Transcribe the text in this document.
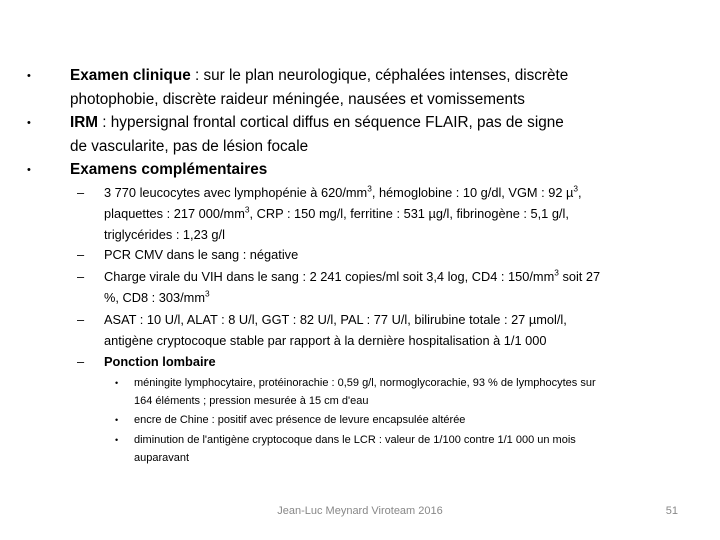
•	Examen clinique : sur le plan neurologique, céphalées intenses, discrète
photophobie, discrète raideur méningée, nausées et vomissements
•	IRM : hypersignal frontal cortical diffus en séquence FLAIR, pas de signe
de vascularite, pas de lésion focale
•	Examens complémentaires
– 3 770 leucocytes avec lymphopénie à $620/mm^3$, hémoglobine : 10 g/dl, VGM : 92 µ$^3$,
plaquettes : 217 $000/mm^3$, CRP : 150 mg/l, ferritine : 531 µg/l, fibrinogène : 5,1 g/l,
triglycérides : 1,23 g/l
– PCR CMV dans le sang : négative
– Charge virale du VIH dans le sang : 2 241 copies/ml soit 3,4 log, CD4 : $150/mm^3$ soit 27
%, CD8 : $303/mm^3$
– ASAT : 10 U/l, ALAT : 8 U/l, GGT : 82 U/l, PAL : 77 U/l, bilirubine totale : 27 µmol/l,
antigène cryptocoque stable par rapport à la dernière hospitalisation à 1/1 000
– Ponction lombaire
• méningite lymphocytaire, protéinorachie : 0,59 g/l, normoglycorachie, 93 % de lymphocytes sur
164 éléments ; pression mesurée à 15 cm d'eau
• encre de Chine : positif avec présence de levure encapsulée altérée
• diminution de l'antigène cryptocoque dans le LCR : valeur de 1/100 contre 1/1 000 un mois
auparavant
Jean-Luc Meynard Viroteam 2016	51
